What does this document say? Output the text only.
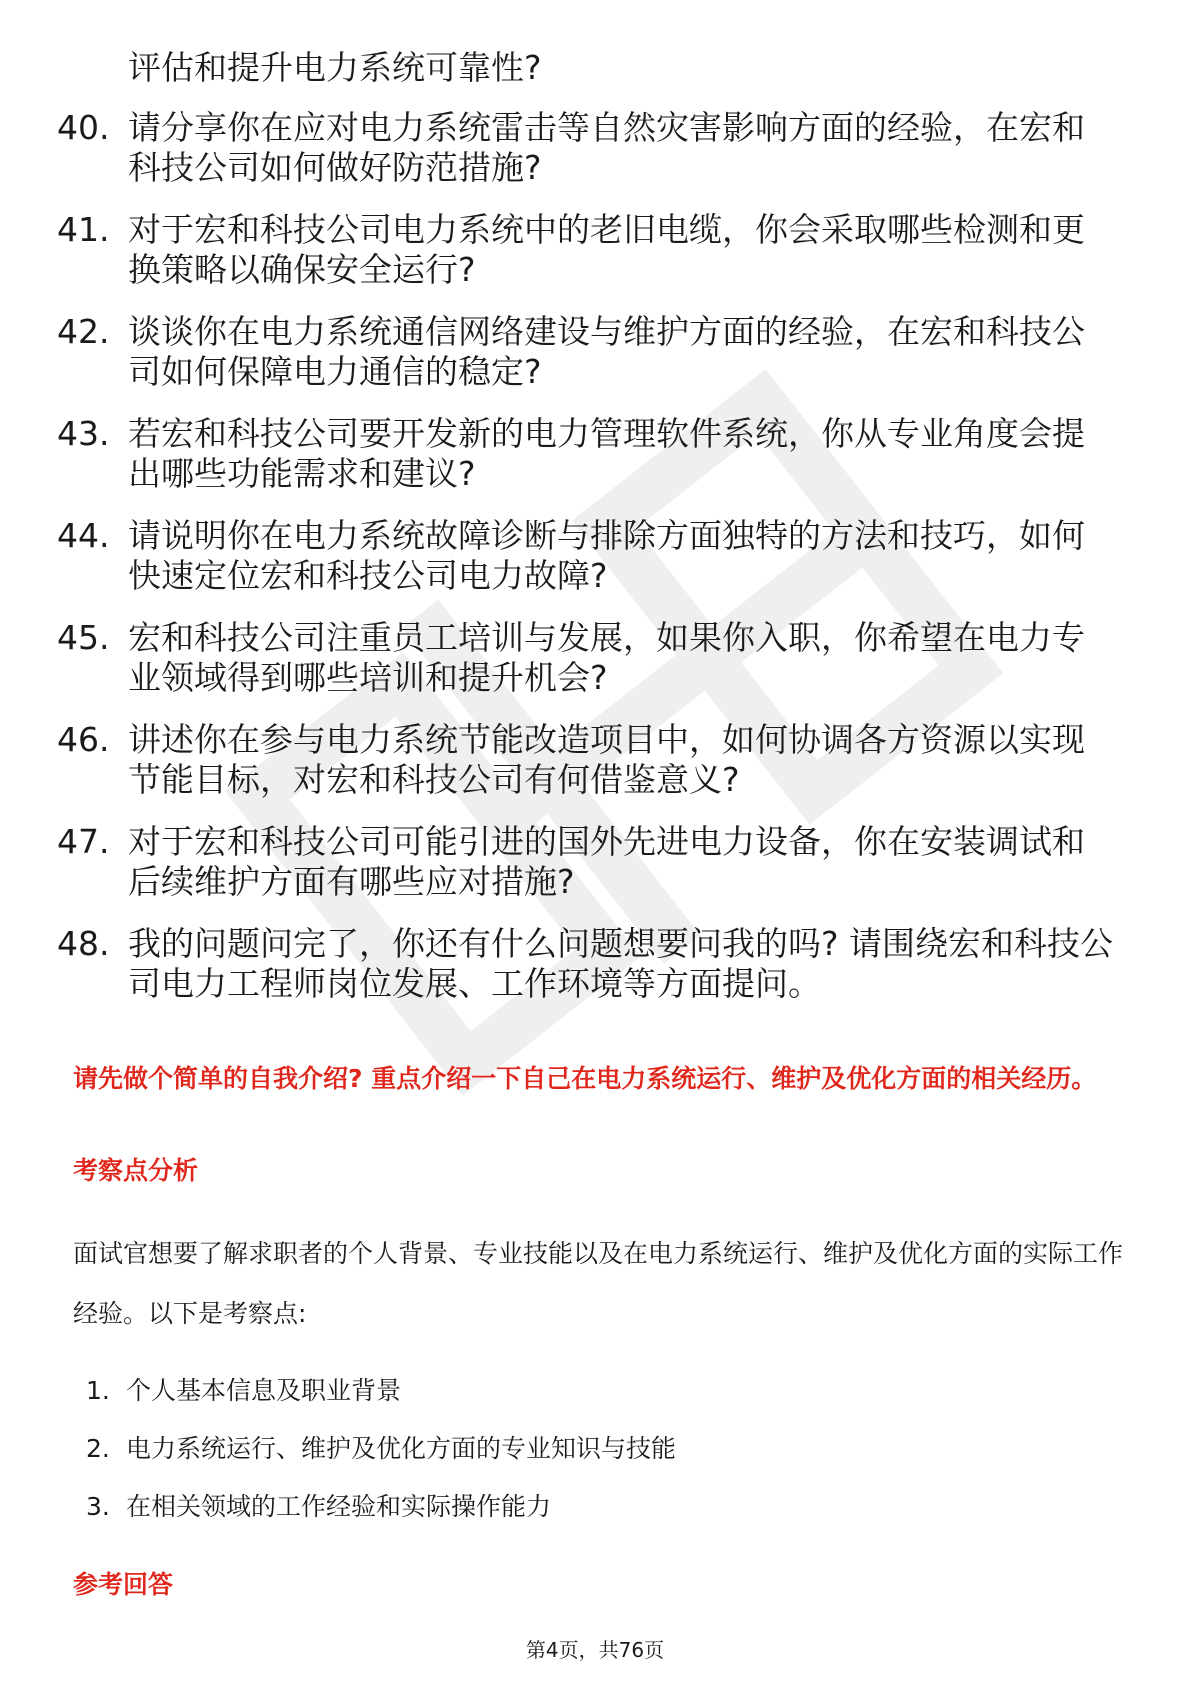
评估和提升电力系统可靠性?
40. 请分享你在应对电力系统雷击等自然灾害影响方面的经验，在宏和科技公司如何做好防范措施?
41. 对于宏和科技公司电力系统中的老旧电缆，你会采取哪些检测和更换策略以确保安全运行?
42. 谈谈你在电力系统通信网络建设与维护方面的经验，在宏和科技公司如何保障电力通信的稳定?
43. 若宏和科技公司要开发新的电力管理软件系统，你从专业角度会提出哪些功能需求和建议?
44. 请说明你在电力系统故障诊断与排除方面独特的方法和技巧，如何快速定位宏和科技公司电力故障?
45. 宏和科技公司注重员工培训与发展，如果你入职，你希望在电力专业领域得到哪些培训和提升机会?
46. 讲述你在参与电力系统节能改造项目中，如何协调各方资源以实现节能目标，对宏和科技公司有何借鉴意义?
47. 对于宏和科技公司可能引进的国外先进电力设备，你在安装调试和后续维护方面有哪些应对措施?
48. 我的问题问完了，你还有什么问题想要问我的吗? 请围绕宏和科技公司电力工程师岗位发展、工作环境等方面提问。
请先做个简单的自我介绍? 重点介绍一下自己在电力系统运行、维护及优化方面的相关经历。
考察点分析
面试官想要了解求职者的个人背景、专业技能以及在电力系统运行、维护及优化方面的实际工作经验。以下是考察点:
1. 个人基本信息及职业背景
2. 电力系统运行、维护及优化方面的专业知识与技能
3. 在相关领域的工作经验和实际操作能力
参考回答
第4页，共76页
